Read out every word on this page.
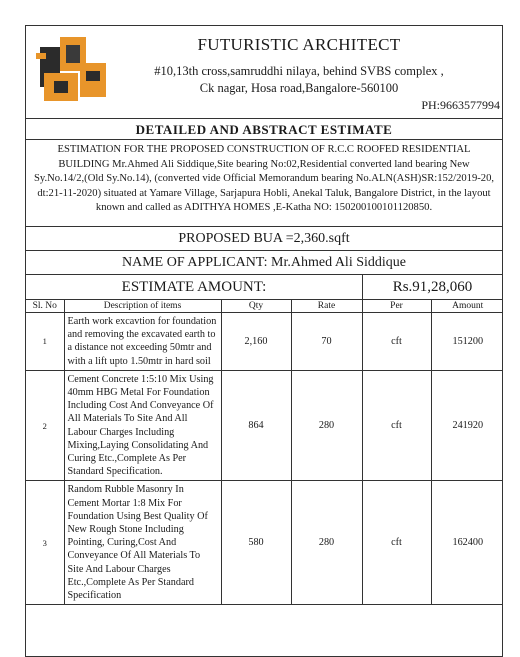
FUTURISTIC ARCHITECT
#10,13th cross,samruddhi nilaya, behind SVBS complex ,
Ck nagar, Hosa road,Bangalore-560100
PH:9663577994
DETAILED AND ABSTRACT ESTIMATE
ESTIMATION FOR THE PROPOSED CONSTRUCTION OF R.C.C ROOFED RESIDENTIAL BUILDING Mr.Ahmed Ali Siddique,Site bearing No:02,Residential converted land bearing New Sy.No.14/2,(Old Sy.No.14), (converted vide Official Memorandum bearing No.ALN(ASH)SR:152/2019-20, dt:21-11-2020) situated at Yamare Village, Sarjapura Hobli, Anekal Taluk, Bangalore District, in the layout known and called as ADITHYA HOMES ,E-Katha NO: 150200100101120850.
PROPOSED BUA =2,360.sqft
NAME OF APPLICANT: Mr.Ahmed Ali Siddique
ESTIMATE AMOUNT:	Rs.91,28,060
Sl. No	Description of items	Qty	Rate	Per	Amount
1	Earth work excavtion for foundation and removing the excavated earth to a distance not exceeding 50mtr and with a lift upto 1.50mtr in hard soil	2,160	70	cft	151200
2	Cement Concrete 1:5:10 Mix Using 40mm HBG Metal For Foundation Including Cost And Conveyance Of All Materials To Site And All Labour Charges Including Mixing,Laying Consolidating And Curing Etc.,Complete As Per Standard Specification.	864	280	cft	241920
3	Random Rubble Masonry In Cement Mortar 1:8 Mix For Foundation Using Best Quality Of New Rough Stone Including Pointing, Curing,Cost And Conveyance Of All Materials To Site And Labour Charges Etc.,Complete As Per Standard Specification	580	280	cft	162400
